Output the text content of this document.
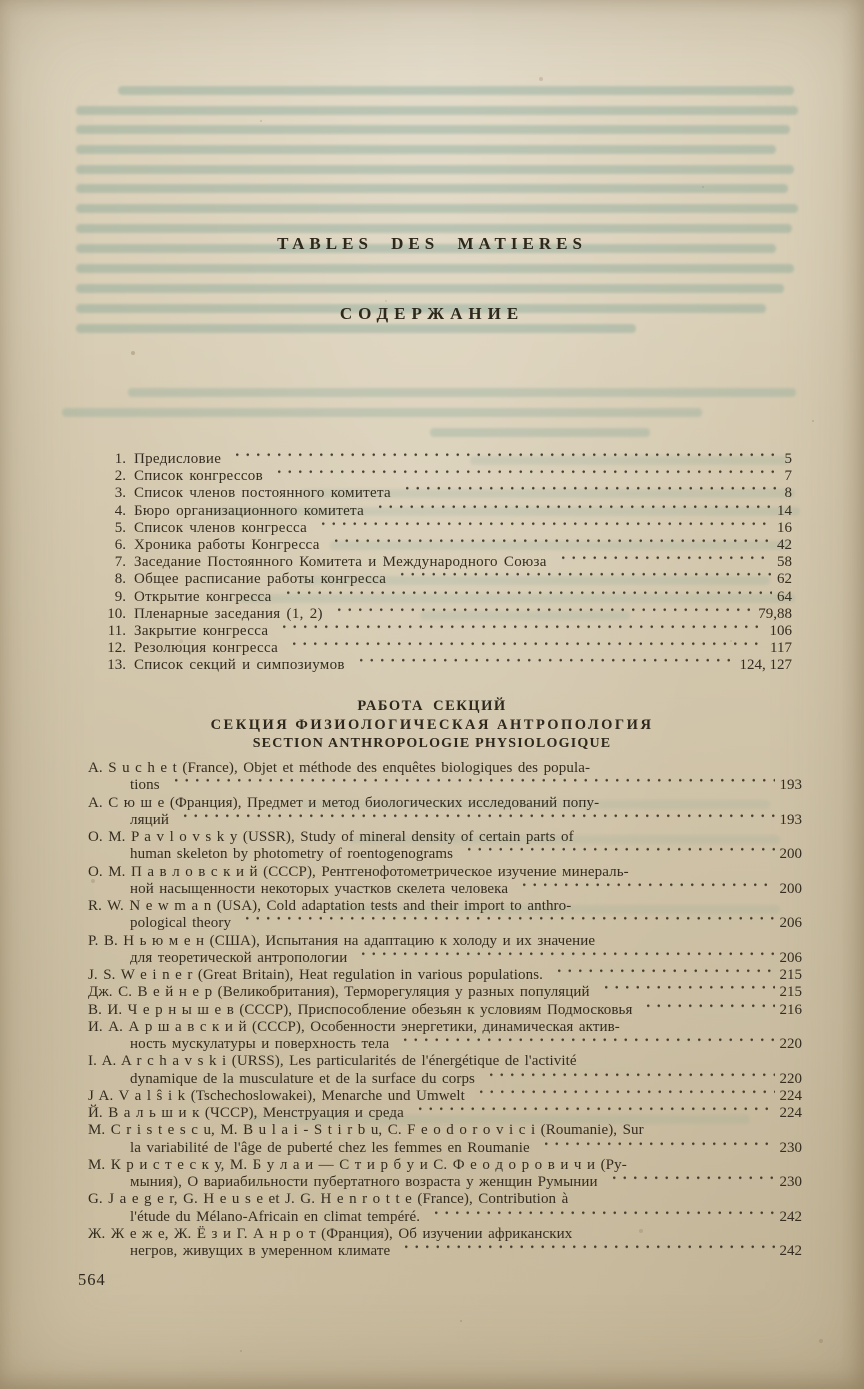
TABLES DES MATIERES
СОДЕРЖАНИЕ
1. Предисловие	5
2. Список конгрессов	7
3. Список членов постоянного комитета	8
4. Бюро организационного комитета	14
5. Список членов конгресса	16
6. Хроника работы Конгресса	42
7. Заседание Постоянного Комитета и Международного Союза	58
8. Общее расписание работы конгресса	62
9. Открытие конгресса	64
10. Пленарные заседания (1, 2)	79,88
11. Закрытие конгресса	106
12. Резолюция конгресса	117
13. Список секций и симпозиумов	124, 127
РАБОТА СЕКЦИЙ
СЕКЦИЯ ФИЗИОЛОГИЧЕСКАЯ АНТРОПОЛОГИЯ
SECTION ANTHROPOLOGIE PHYSIOLOGIQUE
A. S u c h e t (France), Objet et méthode des enquêtes biologiques des popula-
tions	193
А. С ю ш е (Франция), Предмет и метод биологических исследований попу-
ляций	193
O. M. P a v l o v s k y (USSR), Study of mineral density of certain parts of
human skeleton by photometry of roentogenograms	200
О. М. П а в л о в с к и й (СССР), Рентгенофотометрическое изучение минераль-
ной насыщенности некоторых участков скелета человека	200
R. W. N e w m a n (USA), Cold adaptation tests and their import to anthro-
pological theory	206
Р. В. Н ь ю м е н (США), Испытания на адаптацию к холоду и их значение
для теоретической антропологии	206
J. S. W e i n e r (Great Britain), Heat regulation in various populations.	215
Дж. С. В е й н е р (Великобритания), Терморегуляция у разных популяций	215
В. И. Ч е р н ы ш е в (СССР), Приспособление обезьян к условиям Подмосковья	216
И. А. А р ш а в с к и й (СССР), Особенности энергетики, динамическая актив-
ность мускулатуры и поверхность тела	220
I. A. A r c h a v s k i (URSS), Les particularités de l'énergétique de l'activité
dynamique de la musculature et de la surface du corps	220
J A. V a l ŝ i k (Tschechoslowakei), Menarche und Umwelt	224
Й. В а л ь ш и к (ЧССР), Менструация и среда	224
M. C r i s t e s c u, M. B u l a i - S t i r b u, C. F e o d o r o v i c i (Roumanie), Sur
la variabilité de l'âge de puberté chez les femmes en Roumanie	230
М. К р и с т е с к у, М. Б у л а и — С т и р б у и С. Ф е о д о р о в и ч и (Ру-
мыния), О вариабильности пубертатного возраста у женщин Румынии	230
G. J a e g e r, G. H e u s e et J. G. H e n r o t t e (France), Contribution à
l'étude du Mélano-Africain en climat tempéré.	242
Ж. Ж е ж е, Ж. Ё з и Г. А н р о т (Франция), Об изучении африканских
негров, живущих в умеренном климате	242
564
